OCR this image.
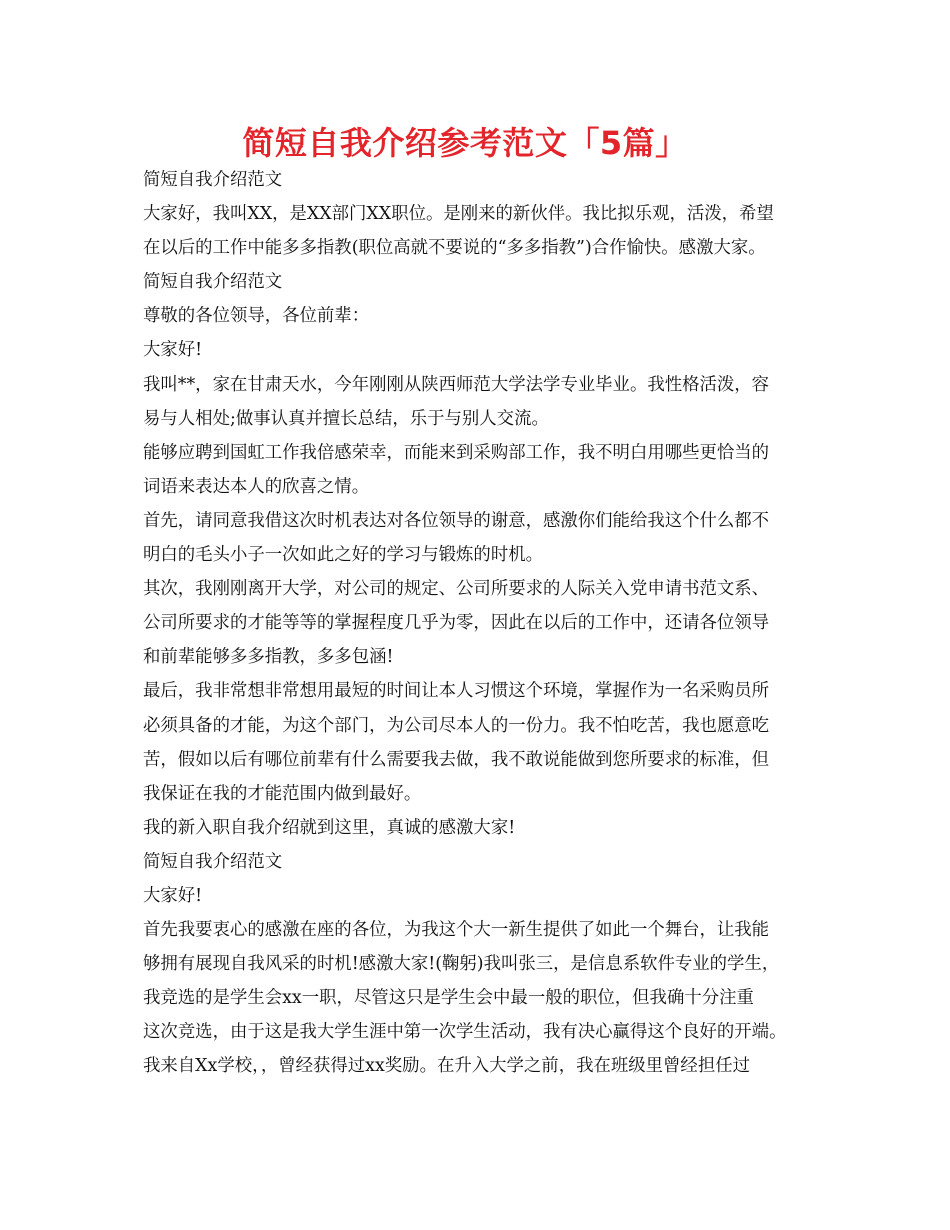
简短自我介绍参考范文「5篇」
简短自我介绍范文
大家好，我叫XX，是XX部门XX职位。是刚来的新伙伴。我比拟乐观，活泼，希望
在以后的工作中能多多指教(职位高就不要说的“多多指教”)合作愉快。感激大家。
简短自我介绍范文
尊敬的各位领导，各位前辈：
大家好!
我叫**，家在甘肃天水，今年刚刚从陕西师范大学法学专业毕业。我性格活泼，容
易与人相处;做事认真并擅长总结，乐于与别人交流。
能够应聘到国虹工作我倍感荣幸，而能来到采购部工作，我不明白用哪些更恰当的
词语来表达本人的欣喜之情。
首先，请同意我借这次时机表达对各位领导的谢意，感激你们能给我这个什么都不
明白的毛头小子一次如此之好的学习与锻炼的时机。
其次，我刚刚离开大学，对公司的规定、公司所要求的人际关入党申请书范文系、
公司所要求的才能等等的掌握程度几乎为零，因此在以后的工作中，还请各位领导
和前辈能够多多指教，多多包涵!
最后，我非常想非常想用最短的时间让本人习惯这个环境，掌握作为一名采购员所
必须具备的才能，为这个部门，为公司尽本人的一份力。我不怕吃苦，我也愿意吃
苦，假如以后有哪位前辈有什么需要我去做，我不敢说能做到您所要求的标准，但
我保证在我的才能范围内做到最好。
我的新入职自我介绍就到这里，真诚的感激大家!
简短自我介绍范文
大家好!
首先我要衷心的感激在座的各位，为我这个大一新生提供了如此一个舞台，让我能
够拥有展现自我风采的时机!感激大家!(鞠躬)我叫张三，是信息系软件专业的学生，
我竞选的是学生会xx一职，尽管这只是学生会中最一般的职位，但我确十分注重
这次竞选，由于这是我大学生涯中第一次学生活动，我有决心赢得这个良好的开端。
我来自Xx学校，，曾经获得过xx奖励。在升入大学之前，我在班级里曾经担任过
